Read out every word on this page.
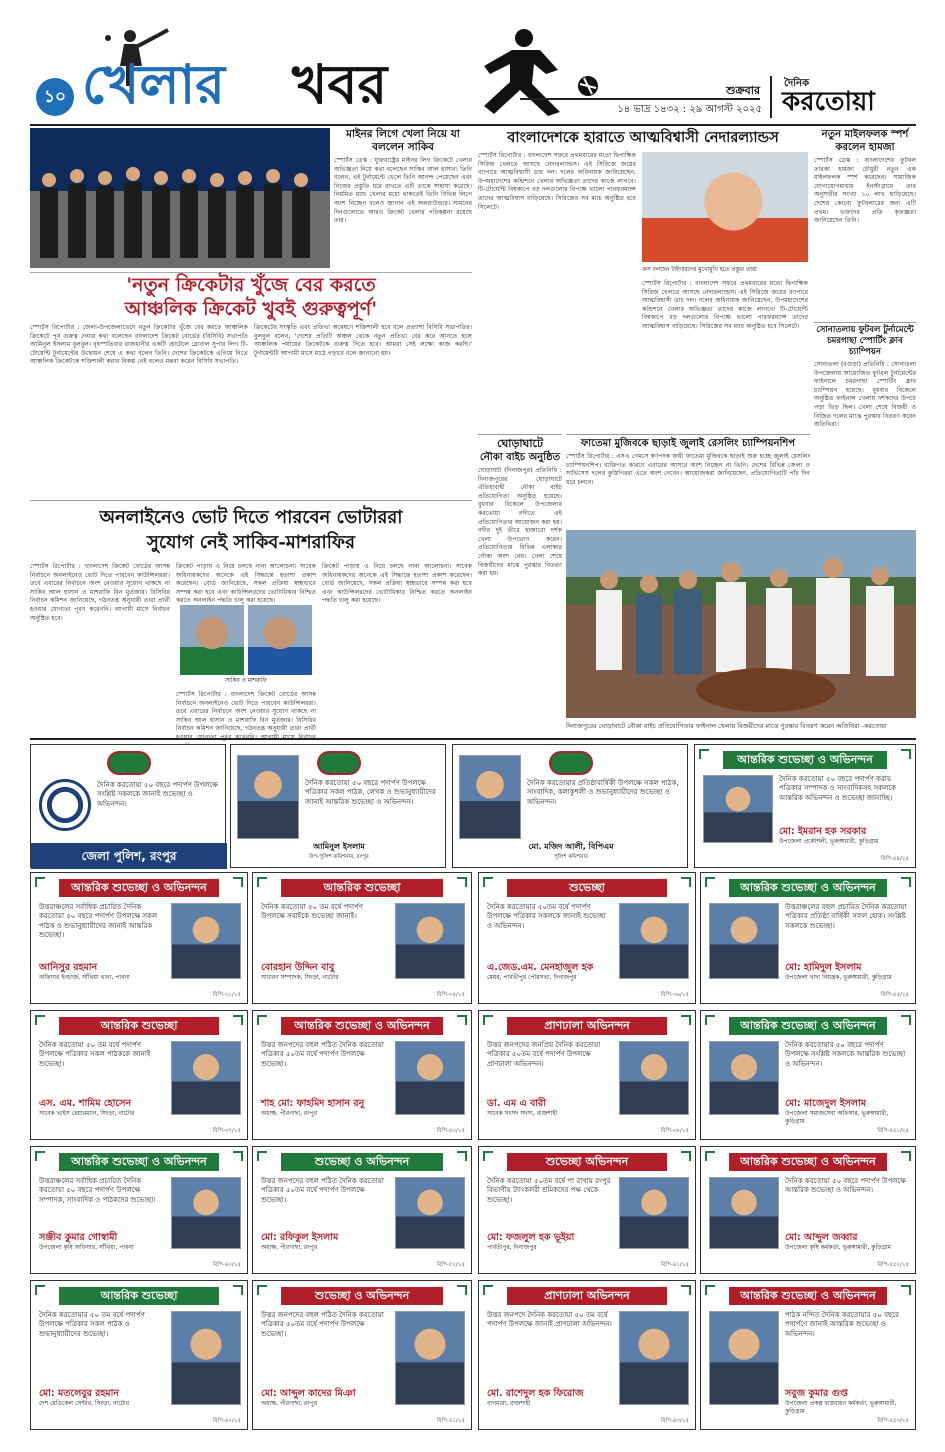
১০ খেলার খবর	শুক্রবার
১৪ ভাদ্র ১৪৩২ : ২৯ আগস্ট ২০২৫
দৈনিক
করতোয়া
মাইনর লিগে খেলা নিয়ে যা বললেন সাকিব
স্পোর্টস ডেস্ক : যুক্তরাষ্ট্রের মাইনর লিগ ক্রিকেটে খেলার অভিজ্ঞতা নিয়ে কথা বলেছেন সাকিব আল হাসান। তিনি বলেন, এই টুর্নামেন্টে খেলে তিনি আনন্দ পেয়েছেন এবং নিজের প্রস্তুতি ধরে রাখতে এটি তাকে সাহায্য করেছে। নিয়মিত ম্যাচ খেলার মধ্যে থাকতেই তিনি বিভিন্ন লিগে অংশ নিচ্ছেন বলেও জানান এই অলরাউন্ডার। সামনের দিনগুলোতে আরও ক্রিকেট খেলার পরিকল্পনা রয়েছে তার।
'নতুন ক্রিকেটার খুঁজে বের করতে
আঞ্চলিক ক্রিকেট খুবই গুরুত্বপূর্ণ'
স্পোর্টস রিপোর্টার : জেলা-উপজেলাভেদে নতুন ক্রিকেটার খুঁজে বের করতে আঞ্চলিক ক্রিকেটে পূর্ব গুরুত্ব দেয়ার কথা বলেছেন বাংলাদেশ ক্রিকেট বোর্ডের (বিসিবি) সভাপতি আমিনুল ইসলাম বুলবুল। বৃহস্পতিবার রাজধানীর একটি হোটেলে গ্লোবাল সুপার লিগ টি-টোয়েন্টি টুর্নামেন্টের উদ্বোধন শেষে এ কথা বলেন তিনি। দেশের ক্রিকেটকে এগিয়ে নিতে আঞ্চলিক ক্রিকেটকে শক্তিশালী করার বিকল্প নেই বলেও মন্তব্য করেন বিসিবি সভাপতি।
ক্রিকেটের সংস্কৃতি এবং প্রতিভা অন্বেষণে শক্তিশালী হবে বলে প্রত্যাশা বিসিবি সভাপতির। বুলবুল বলেন, 'দেশের প্রতিটি অঞ্চল থেকে নতুন প্রতিভা বের করে আনতে হলে আঞ্চলিক পর্যায়ের ক্রিকেটকে গুরুত্ব দিতে হবে। আমরা সেই লক্ষ্যে কাজ করছি।' টুর্নামেন্টটি আগামী মাসে মাঠে গড়াবে বলে জানানো হয়।
বাংলাদেশকে হারাতে আত্মবিশ্বাসী নেদারল্যান্ডস
স্পোর্টস রিপোর্টার : বাংলাদেশ সফরে প্রথমবারের মতো দ্বিপাক্ষিক সিরিজ খেলতে আসছে নেদারল্যান্ডস। এই সিরিজে জয়ের ব্যাপারে আত্মবিশ্বাসী ডাচ দল। দলের অধিনায়ক জানিয়েছেন, উপমহাদেশের কন্ডিশনে খেলার অভিজ্ঞতা তাদের কাজে লাগবে। টি-টোয়েন্টি বিশ্বকাপে বড় দলগুলোর বিপক্ষে ভালো পারফরম্যান্স তাদের আত্মবিশ্বাস বাড়িয়েছে। সিরিজের সব ম্যাচ অনুষ্ঠিত হবে সিলেটে।
ক্রস বলছেন টাইগারদের মুখোমুখি হতে প্রস্তুত তারা
স্পোর্টস রিপোর্টার : বাংলাদেশ সফরে প্রথমবারের মতো দ্বিপাক্ষিক সিরিজ খেলতে আসছে নেদারল্যান্ডস। এই সিরিজে জয়ের ব্যাপারে আত্মবিশ্বাসী ডাচ দল। দলের অধিনায়ক জানিয়েছেন, উপমহাদেশের কন্ডিশনে খেলার অভিজ্ঞতা তাদের কাজে লাগবে। টি-টোয়েন্টি বিশ্বকাপে বড় দলগুলোর বিপক্ষে ভালো পারফরম্যান্স তাদের আত্মবিশ্বাস বাড়িয়েছে। সিরিজের সব ম্যাচ অনুষ্ঠিত হবে সিলেটে।
নতুন মাইলফলক স্পর্শ করলেন হামজা
স্পোর্টস ডেস্ক : বাংলাদেশের ফুটবল তারকা হামজা চৌধুরী নতুন এক মাইলফলক স্পর্শ করেছেন। সামাজিক যোগাযোগমাধ্যম ইনস্টাগ্রামে তার অনুসারীর সংখ্যা ১০ লাখ ছাড়িয়েছে। দেশের কোনো ফুটবলারের জন্য এটি প্রথম। ভক্তদের প্রতি কৃতজ্ঞতা জানিয়েছেন তিনি।
সোনাতলায় ফুটবল টুর্নামেন্টে চমরগাছা স্পোর্টিং ক্লাব চ্যাম্পিয়ন
সোনাতলা (বগুড়া) প্রতিনিধি : সোনাতলা উপজেলায় আয়োজিত ফুটবল টুর্নামেন্টের ফাইনালে চমরগাছা স্পোর্টিং ক্লাব চ্যাম্পিয়ন হয়েছে। বুধবার বিকেলে অনুষ্ঠিত ফাইনাল খেলায় দর্শকদের উপচে পড়া ভিড় ছিল। খেলা শেষে বিজয়ী ও বিজিত দলের মাঝে পুরস্কার বিতরণ করেন অতিথিরা।
ফাতেমা মুজিবকে ছাড়াই জুলাই রেসলিং চ্যাম্পিয়নশিপ
স্পোর্টস রিপোর্টার : এসএ গেমসে স্বর্ণপদক জয়ী ফাতেমা মুজিবকে ছাড়াই শুরু হচ্ছে জুলাই রেসলিং চ্যাম্পিয়নশিপ। ব্যক্তিগত কারণে এবারের আসরে অংশ নিচ্ছেন না তিনি। দেশের বিভিন্ন জেলা ও সার্ভিসেস দলের কুস্তিগিররা এতে অংশ নেবেন। আয়োজকরা জানিয়েছেন, প্রতিযোগিতাটি পাঁচ দিন ধরে চলবে।
ঘোড়াঘাটে
নৌকা বাইচ অনুষ্ঠিত
ঘোড়াঘাট (দিনাজপুর) প্রতিনিধি : দিনাজপুরের ঘোড়াঘাটে ঐতিহ্যবাহী নৌকা বাইচ প্রতিযোগিতা অনুষ্ঠিত হয়েছে। বুধবার বিকেলে উপজেলার করতোয়া নদীতে এই প্রতিযোগিতার আয়োজন করা হয়। নদীর দুই তীরে হাজারো দর্শক খেলা উপভোগ করেন। প্রতিযোগিতায় বিভিন্ন এলাকার নৌকা অংশ নেয়। খেলা শেষে বিজয়ীদের মাঝে পুরস্কার বিতরণ করা হয়।
দিনাজপুরের ঘোড়াঘাটে নৌকা বাইচ প্রতিযোগিতার ফাইনাল খেলায় বিজয়ীদের মাঝে পুরস্কার বিতরণ করেন অতিথিরা -করতোয়া
অনলাইনেও ভোট দিতে পারবেন ভোটাররা
সুযোগ নেই সাকিব-মাশরাফির
স্পোর্টস রিপোর্টার : বাংলাদেশ ক্রিকেট বোর্ডের আসন্ন নির্বাচনে অনলাইনেও ভোট দিতে পারবেন কাউন্সিলররা। তবে এবারের নির্বাচনে অংশ নেওয়ার সুযোগ থাকছে না সাকিব আল হাসান ও মাশরাফি বিন মুর্তজার। বিসিবির নির্বাচন কমিশন জানিয়েছে, গঠনতন্ত্র অনুযায়ী তারা প্রার্থী হওয়ার যোগ্যতা পূরণ করেননি। আগামী মাসে নির্বাচন অনুষ্ঠিত হবে।
ক্রিকেট পাড়ায় এ নিয়ে চলছে নানা আলোচনা। সাবেক অধিনায়কদের অনেকে এই সিদ্ধান্তে হতাশা প্রকাশ করেছেন। বোর্ড জানিয়েছে, সকল প্রক্রিয়া স্বচ্ছভাবে সম্পন্ন করা হবে এবং কাউন্সিলরদের ভোটাধিকার নিশ্চিত করতে অনলাইন পদ্ধতি চালু করা হয়েছে।
সাকিব ও মাশরাফি
স্পোর্টস রিপোর্টার : বাংলাদেশ ক্রিকেট বোর্ডের আসন্ন নির্বাচনে অনলাইনেও ভোট দিতে পারবেন কাউন্সিলররা। তবে এবারের নির্বাচনে অংশ নেওয়ার সুযোগ থাকছে না সাকিব আল হাসান ও মাশরাফি বিন মুর্তজার। বিসিবির নির্বাচন কমিশন জানিয়েছে, গঠনতন্ত্র অনুযায়ী তারা প্রার্থী
ক্রিকেট পাড়ায় এ নিয়ে চলছে নানা আলোচনা। সাবেক অধিনায়কদের অনেকে এই সিদ্ধান্তে হতাশা প্রকাশ করেছেন। বোর্ড জানিয়েছে, সকল প্রক্রিয়া স্বচ্ছভাবে সম্পন্ন করা হবে এবং কাউন্সিলরদের ভোটাধিকার নিশ্চিত করতে অনলাইন পদ্ধতি চালু করা হয়েছে।
দৈনিক করতোয়া ৫০ বছরে পদার্পণ উপলক্ষে সংশ্লিষ্ট সকলকে জানাই শুভেচ্ছা ও অভিনন্দন।
জেলা পুলিশ, রংপুর
দৈনিক করতোয়া ৫০ বছরে পদার্পণ উপলক্ষে পত্রিকার সকল পাঠক, লেখক ও শুভানুধ্যায়ীদের জানাই আন্তরিক শুভেচ্ছা ও অভিনন্দন।
আমিনুল ইসলাম
উপ-পুলিশ কমিশনার, রংপুর
দৈনিক করতোয়ার প্রতিষ্ঠাবার্ষিকী উপলক্ষে সকল পাঠক, সাংবাদিক, কলাকুশলী ও শুভানুধ্যায়ীদের শুভেচ্ছা ও অভিনন্দন।
মো. মজিদ আলী, বিপিএম
পুলিশ কমিশনার
আন্তরিক শুভেচ্ছা ও অভিনন্দন
দৈনিক করতোয়া ৫০ বছরে পদার্পণ করায় পত্রিকার সম্পাদক ও সাংবাদিকসহ সকলকে আন্তরিক অভিনন্দন ও শুভেচ্ছা জানাচ্ছি।
মো: ইমরান হক সরকার
উপজেলা প্রকৌশলী, ভূরুঙ্গামারী, কুড়িগ্রাম
বিপি-৫৪/২৫
আন্তরিক শুভেচ্ছা ও অভিনন্দন
উত্তরাঞ্চলের সর্বাধিক প্রচারিত দৈনিক করতোয়া ৫০ বছরে পদার্পণ উপলক্ষে সকল পাঠক ও শুভানুধ্যায়ীদের জানাই আন্তরিক শুভেচ্ছা।
আনিসুর রহমান
অফিসার ইনচার্জ, সাঁথিয়া থানা, পাবনা
বিপি-৩১/২৫
আন্তরিক শুভেচ্ছা
দৈনিক করতোয়া ৫০ তম বর্ষে পদার্পণ উপলক্ষে সবাইকে শুভেচ্ছা জানাই।
বোরহান উদ্দিন বাবু
সাধারণ সম্পাদক, সিংড়া, নাটোর
বিপি-৩৫/২৫
শুভেচ্ছা
দৈনিক করতোয়ার ৫০তম বর্ষে পদার্পণ উপলক্ষে পত্রিকার সকলকে জানাই শুভেচ্ছা ও অভিনন্দন।
এ.জেড.এম. মেনহাজুল হক
মেয়র, পার্বতীপুর পৌরসভা, দিনাজপুর
বিপি-৩৬/২৫
আন্তরিক শুভেচ্ছা ও অভিনন্দন
উত্তরাঞ্চলের বহুল প্রচারিত দৈনিক করতোয়া পত্রিকার প্রতিষ্ঠা বার্ষিকী সফল হোক। সংশ্লিষ্ট সকলকে শুভেচ্ছা।
মো: হামিদুল ইসলাম
উপজেলা খাদ্য নিয়ন্ত্রক, ভূরুঙ্গামারী, কুড়িগ্রাম
বিপি-৫৫/২৫
আন্তরিক শুভেচ্ছা
দৈনিক করতোয়া ৫০ তম বর্ষে পদার্পণ উপলক্ষে পত্রিকার সকল পাঠককে জানাই শুভেচ্ছা।
এস. এম. শামিম হোসেন
সাবেক ভাইস চেয়ারম্যান, সিংড়া, নাটোর
বিপি-৩৭/২৫
আন্তরিক শুভেচ্ছা ও অভিনন্দন
উত্তর জনপদের বহুল পঠিত দৈনিক করতোয়া পত্রিকার ৫০তম বর্ষে পদার্পণ উপলক্ষে শুভেচ্ছা।
শাহ মো: ফাহমিদ হাসান রনু
অধ্যক্ষ, পীরগাছা, রংপুর
বিপি-৫৩/২৫
প্রাণঢালা অভিনন্দন
উত্তর জনপদের জনপ্রিয় দৈনিক করতোয়া পত্রিকার ৫০তম বর্ষে পদার্পণ উপলক্ষে প্রাণঢালা অভিনন্দন।
ডা. এম এ বারী
সাবেক সংসদ সদস্য, রাজশাহী
বিপি-৩৮/২৫
আন্তরিক শুভেচ্ছা ও অভিনন্দন
দৈনিক করতোয়ার ৫০ বছরে পদার্পণ উপলক্ষে সংশ্লিষ্ট সকলকে আন্তরিক শুভেচ্ছা ও অভিনন্দন।
মো: মাজেদুল ইসলাম
উপজেলা সমাজসেবা অফিসার, ভূরুঙ্গামারী, কুড়িগ্রাম
বিপি-৫৫১/২৫
আন্তরিক শুভেচ্ছা ও অভিনন্দন
উত্তরাঞ্চলের সর্বাধিক প্রচারিত দৈনিক করতোয়া ৫০ বছরে পদার্পণ উপলক্ষে সম্পাদক, সাংবাদিক ও পাঠকদের শুভেচ্ছা।
সঞ্জীব কুমার গোস্বামী
উপজেলা কৃষি অফিসার, সাঁথিয়া, পাবনা
বিপি-৪০/২৫
শুভেচ্ছা ও অভিনন্দন
উত্তর জনপদের বহুল পঠিত দৈনিক করতোয়া পত্রিকার ৫০তম বর্ষে পদার্পণ উপলক্ষে শুভেচ্ছা।
মো: রফিকুল ইসলাম
অধ্যক্ষ, পীরগাছা, রংপুর
বিপি-৫২/২৫
শুভেচ্ছা অভিনন্দন
দৈনিক করতোয়া ৫০তম বর্ষে পা রাখায় রংপুর বিভাগীয় ট্যাংকলরী শ্রমিকদের পক্ষ থেকে শুভেচ্ছা।
মো: ফজলুল হক ভূইয়া
পার্বতীপুর, দিনাজপুর
বিপি-৪১/২৫
আন্তরিক শুভেচ্ছা ও অভিনন্দন
দৈনিক করতোয়া ৫০ বছরে পদার্পণ উপলক্ষে আন্তরিক শুভেচ্ছা ও অভিনন্দন।
মো: আব্দুল জব্বার
উপজেলা কৃষি কর্মকর্তা, ভূরুঙ্গামারী, কুড়িগ্রাম
বিপি-৫৫২/২৫
আন্তরিক শুভেচ্ছা
দৈনিক করতোয়ার ৫০ তম বর্ষে পদার্পণ উপলক্ষে পত্রিকার সকল পাঠক ও শুভানুধ্যায়ীদের শুভেচ্ছা।
মো: মতলেবুর রহমান
দেশ মেডিকেল সেন্টার, সিংড়া, নাটোর
বিপি-৪২/২৫
শুভেচ্ছা ও অভিনন্দন
উত্তর জনপদের বহুল পঠিত দৈনিক করতোয়া পত্রিকার ৫০তম বর্ষে পদার্পণ উপলক্ষে শুভেচ্ছা।
মো: আব্দুল কাদের মিঞা
অধ্যক্ষ, পীরগাছা, রংপুর
বিপি-৫১/২৫
প্রাণঢালা অভিনন্দন
উত্তর জনপদে দৈনিক করতোয়া ৫০ তম বর্ষে পদার্পণ উপলক্ষে জানাই প্রাণঢালা অভিনন্দন।
মো. রাশেদুল হক ফিরোজ
বাগমারা, রাজশাহী
বিপি-৪৩/২৫
আন্তরিক শুভেচ্ছা ও অভিনন্দন
পাঠক নন্দিত দৈনিক করতোয়ার ৫০ বছরে পদার্পণে জানাই আন্তরিক শুভেচ্ছা ও অভিনন্দন।
সবুজ কুমার গুপ্ত
উপজেলা প্রকল্প বাস্তবায়ন কর্মকর্তা, ভূরুঙ্গামারী, কুড়িগ্রাম
বিপি-৫৫৩/২৫
